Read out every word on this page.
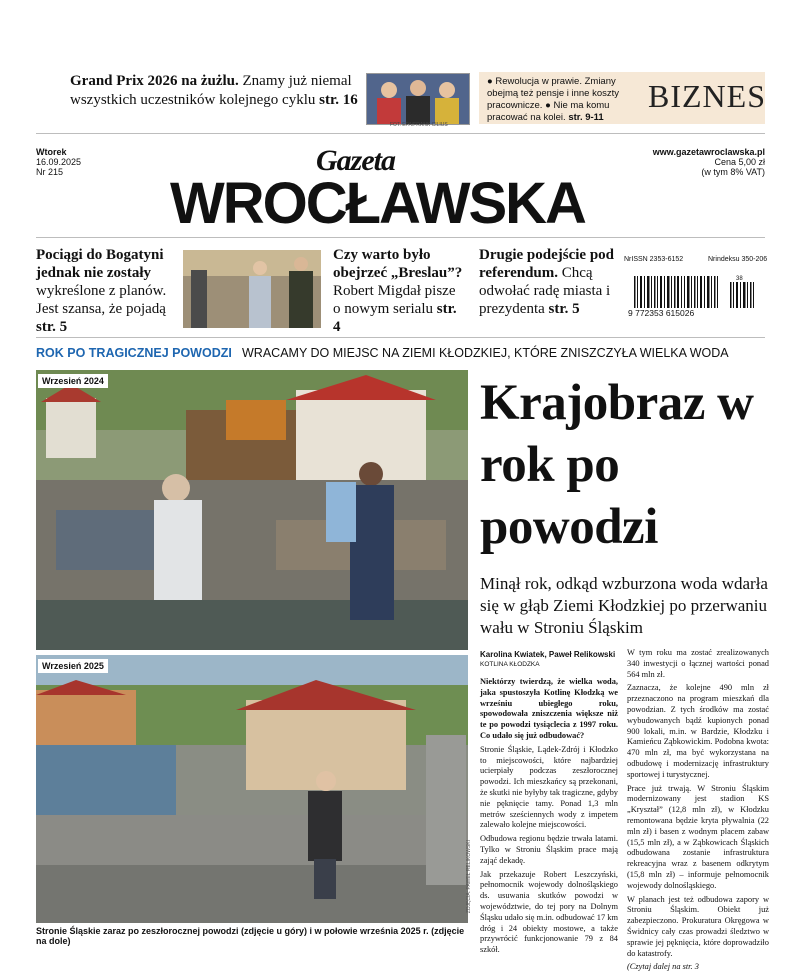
Grand Prix 2026 na żużlu. Znamy już niemal wszystkich uczestników kolejnego cyklu str. 16
FOT. EPA/FRANK CILIUS
● Rewolucja w prawie. Zmiany obejmą też pensje i inne koszty pracownicze. ● Nie ma komu pracować na kolei. str. 9-11
BIZNES
Wtorek
16.09.2025
Nr 215
www.gazetawroclawska.pl
Cena 5,00 zł
(w tym 8% VAT)
Gazeta
WROCŁAWSKA
Pociągi do Bogatyni jednak nie zostały wykreślone z planów. Jest szansa, że pojadą str. 5
Czy warto było obejrzeć „Breslau”? Robert Migdał pisze o nowym serialu str. 4
Drugie podejście pod referendum. Chcą odwołać radę miasta i prezydenta str. 5
NrISSN 2353-6152	Nrindeksu 350-206
9 772353 615026
38
ROK PO TRAGICZNEJ POWODZI WRACAMY DO MIEJSC NA ZIEMI KŁODZKIEJ, KTÓRE ZNISZCZYŁA WIELKA WODA
Wrzesień 2024
Wrzesień 2025
ZDJĘCIA: PAWEŁ RELIKOWSKI
Stronie Śląskie zaraz po zeszłorocznej powodzi (zdjęcie u góry) i w połowie września 2025 r. (zdjęcie na dole)
Krajobraz w rok po powodzi
Minął rok, odkąd wzburzona woda wdarła się w głąb Ziemi Kłodzkiej po przerwaniu wału w Stroniu Śląskim
Karolina Kwiatek, Paweł Relikowski
KOTLINA KŁODZKA

Niektórzy twierdzą, że wielka woda, jaka spustoszyła Kotlinę Kłodzką we wrześniu ubiegłego roku, spowodowała zniszczenia większe niż te po powodzi tysiąclecia z 1997 roku. Co udało się już odbudować?

Stronie Śląskie, Lądek-Zdrój i Kłodzko to miejscowości, które najbardziej ucierpiały podczas zeszłorocznej powodzi. Ich mieszkańcy są przekonani, że skutki nie byłyby tak tragiczne, gdyby nie pęknięcie tamy. Ponad 1,3 mln metrów sześciennych wody z impetem zalewało kolejne miejscowości.

Odbudowa regionu będzie trwała latami. Tylko w Stroniu Śląskim prace mają zająć dekadę.

Jak przekazuje Robert Leszczyński, pełnomocnik wojewody dolnośląskiego ds. usuwania skutków powodzi w województwie, do tej pory na Dolnym Śląsku udało się m.in. odbudować 17 km dróg i 24 obiekty mostowe, a także przywrócić funkcjonowanie 79 z 84 szkół.

W tym roku ma zostać zrealizowanych 340 inwestycji o łącznej wartości ponad 564 mln zł.

Zaznacza, że kolejne 490 mln zł przeznaczono na program mieszkań dla powodzian. Z tych środków ma zostać wybudowanych bądź kupionych ponad 900 lokali, m.in. w Bardzie, Kłodzku i Kamieńcu Ząbkowickim. Podobna kwota: 470 mln zł, ma być wykorzystana na odbudowę i modernizację infrastruktury sportowej i turystycznej.

Prace już trwają. W Stroniu Śląskim modernizowany jest stadion KS „Kryształ” (12,8 mln zł), w Kłodzku remontowana będzie kryta pływalnia (22 mln zł) i basen z wodnym placem zabaw (15,5 mln zł), a w Ząbkowicach Śląskich odbudowana zostanie infrastruktura rekreacyjna wraz z basenem odkrytym (15,8 mln zł) – informuje pełnomocnik wojewody dolnośląskiego.

W planach jest też odbudowa zapory w Stroniu Śląskim. Obiekt już zabezpieczono. Prokuratura Okręgowa w Świdnicy cały czas prowadzi śledztwo w sprawie jej pęknięcia, które doprowadziło do katastrofy.

(Czytaj dalej na str. 3
